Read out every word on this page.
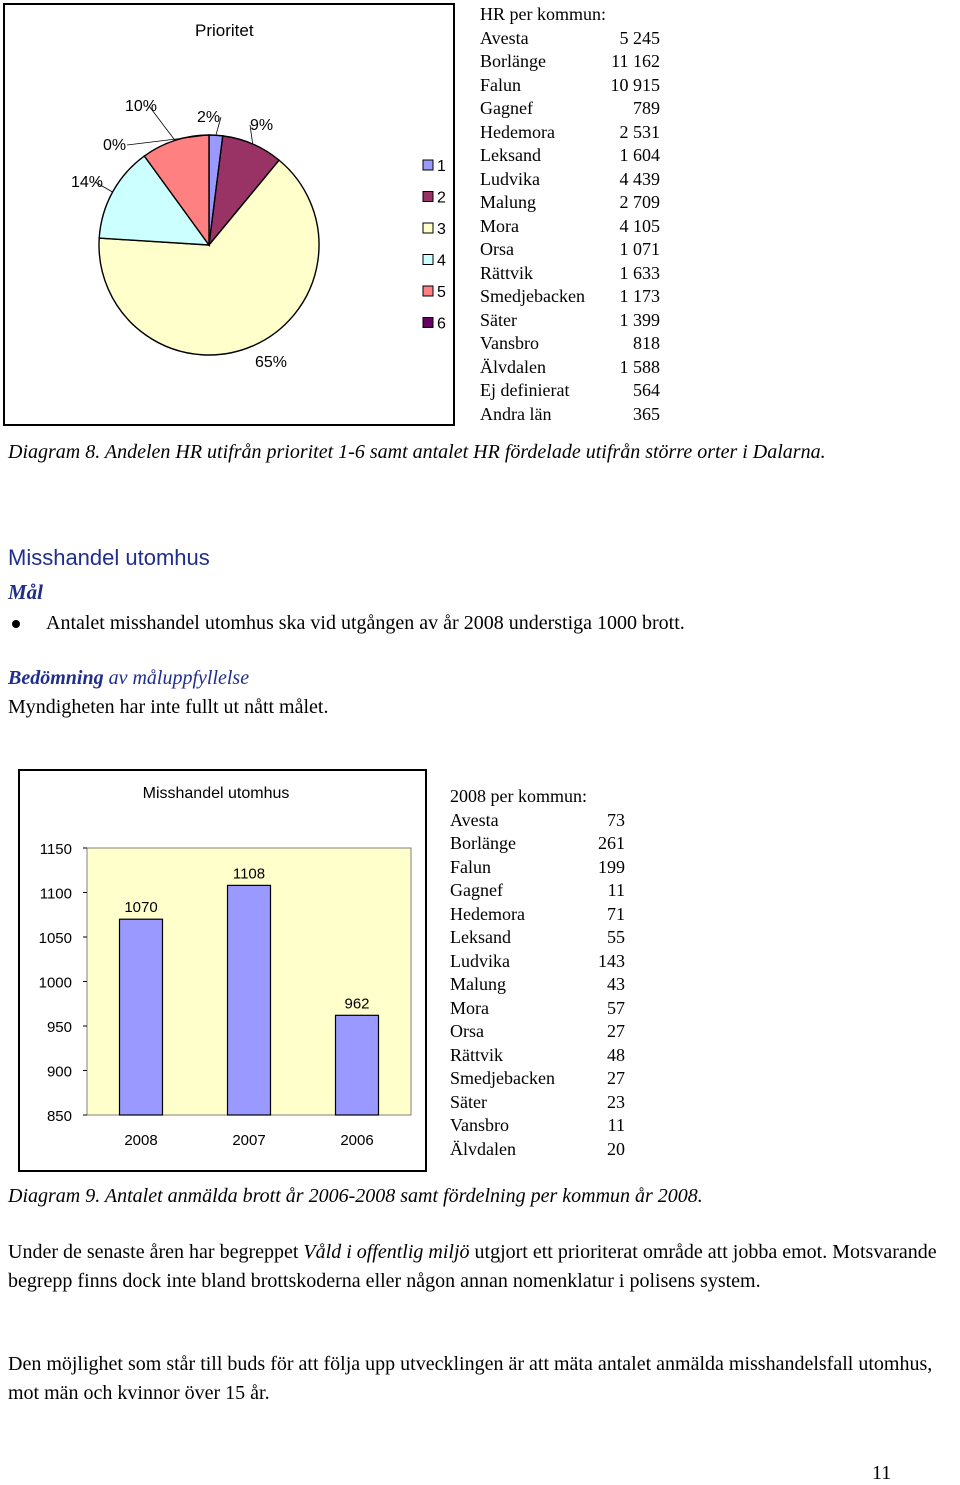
Prioritet
2% 9%
65%
14%
10%
0%
1
2
3
4
5
6
HR per kommun:
Avesta	5 245
Borlänge	11 162
Falun	10 915
Gagnef	789
Hedemora	2 531
Leksand	1 604
Ludvika	4 439
Malung	2 709
Mora	4 105
Orsa	1 071
Rättvik	1 633
Smedjebacken 1 173
Säter	1 399
Vansbro	818
Älvdalen	1 588
Ej definierat	564
Andra län	365
Diagram 8. Andelen HR utifrån prioritet 1-6 samt antalet HR fördelade utifrån större orter i Dalarna.
Misshandel utomhus
Mål
Antalet misshandel utomhus ska vid utgången av år 2008 understiga 1000 brott.
Bedömning av måluppfyllelse
Myndigheten har inte fullt ut nått målet.
Misshandel utomhus
850
900
950
1000
1050
1100
1150
1070
2008
1108
2007
962
2006
2008 per kommun:
Avesta	73
Borlänge	261
Falun	199
Gagnef	11
Hedemora	71
Leksand	55
Ludvika	143
Malung	43
Mora	57
Orsa	27
Rättvik	48
Smedjebacken	27
Säter	23
Vansbro	11
Älvdalen	20
Diagram 9. Antalet anmälda brott år 2006-2008 samt fördelning per kommun år 2008.
Under de senaste åren har begreppet Våld i offentlig miljö utgjort ett prioriterat område att jobba emot. Motsvarande begrepp finns dock inte bland brottskoderna eller någon annan nomenklatur i polisens system.
Den möjlighet som står till buds för att följa upp utvecklingen är att mäta antalet anmälda misshandelsfall utomhus, mot män och kvinnor över 15 år.
11
